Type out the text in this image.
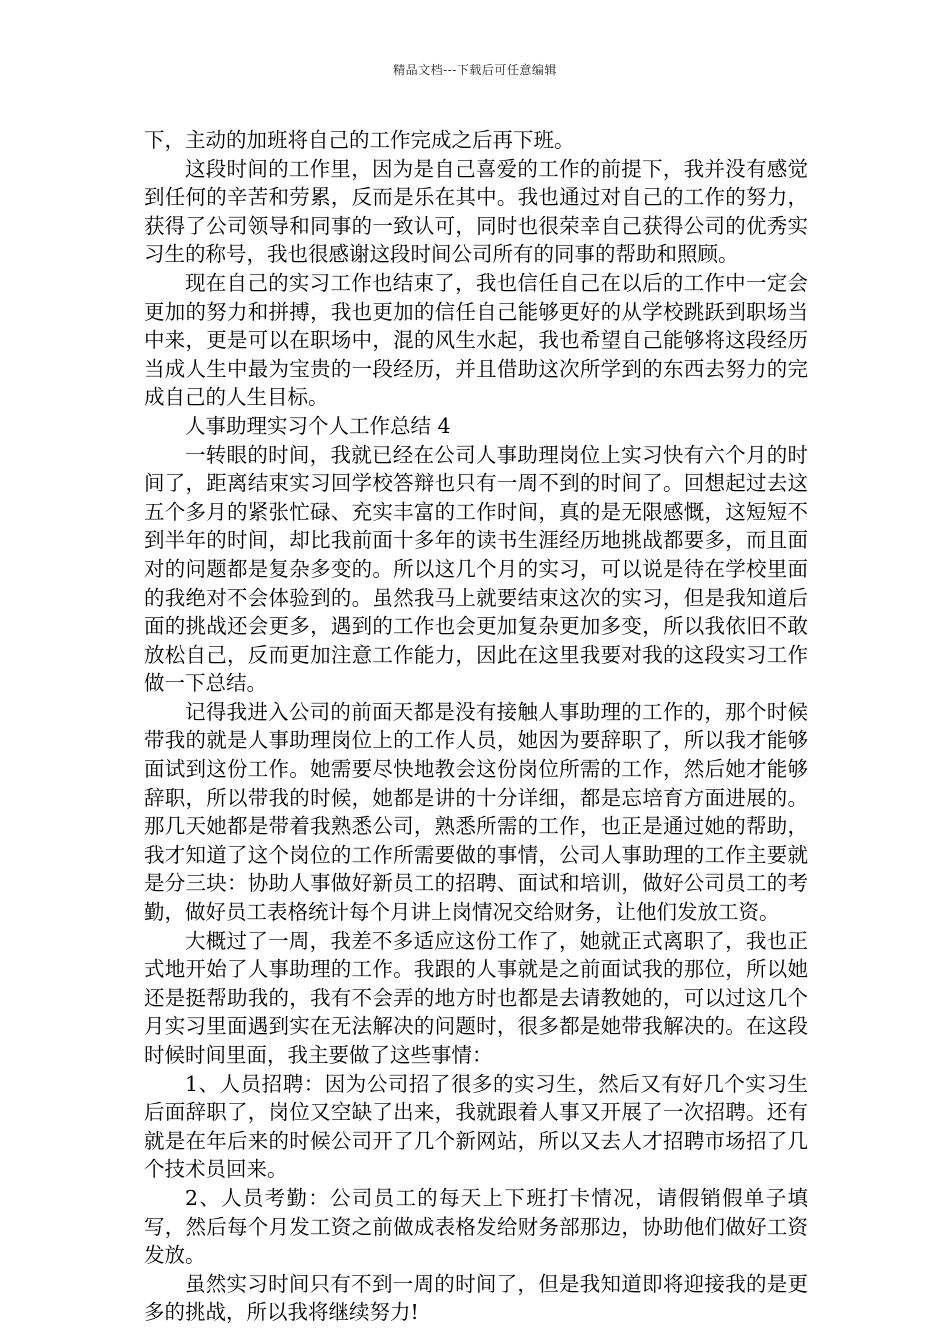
精品文档---下载后可任意编辑

下，主动的加班将自己的工作完成之后再下班。

这段时间的工作里，因为是自己喜爱的工作的前提下，我并没有感觉到任何的辛苦和劳累，反而是乐在其中。我也通过对自己的工作的努力，获得了公司领导和同事的一致认可，同时也很荣幸自己获得公司的优秀实习生的称号，我也很感谢这段时间公司所有的同事的帮助和照顾。

现在自己的实习工作也结束了，我也信任自己在以后的工作中一定会更加的努力和拼搏，我也更加的信任自己能够更好的从学校跳跃到职场当中来，更是可以在职场中，混的风生水起，我也希望自己能够将这段经历当成人生中最为宝贵的一段经历，并且借助这次所学到的东西去努力的完成自己的人生目标。

人事助理实习个人工作总结 4

一转眼的时间，我就已经在公司人事助理岗位上实习快有六个月的时间了，距离结束实习回学校答辩也只有一周不到的时间了。回想起过去这五个多月的紧张忙碌、充实丰富的工作时间，真的是无限感慨，这短短不到半年的时间，却比我前面十多年的读书生涯经历地挑战都要多，而且面对的问题都是复杂多变的。所以这几个月的实习，可以说是待在学校里面的我绝对不会体验到的。虽然我马上就要结束这次的实习，但是我知道后面的挑战还会更多，遇到的工作也会更加复杂更加多变，所以我依旧不敢放松自己，反而更加注意工作能力，因此在这里我要对我的这段实习工作做一下总结。

记得我进入公司的前面天都是没有接触人事助理的工作的，那个时候带我的就是人事助理岗位上的工作人员，她因为要辞职了，所以我才能够面试到这份工作。她需要尽快地教会这份岗位所需的工作，然后她才能够辞职，所以带我的时候，她都是讲的十分详细，都是忘培育方面进展的。那几天她都是带着我熟悉公司，熟悉所需的工作，也正是通过她的帮助，我才知道了这个岗位的工作所需要做的事情，公司人事助理的工作主要就是分三块：协助人事做好新员工的招聘、面试和培训，做好公司员工的考勤，做好员工表格统计每个月讲上岗情况交给财务，让他们发放工资。

大概过了一周，我差不多适应这份工作了，她就正式离职了，我也正式地开始了人事助理的工作。我跟的人事就是之前面试我的那位，所以她还是挺帮助我的，我有不会弄的地方时也都是去请教她的，可以过这几个月实习里面遇到实在无法解决的问题时，很多都是她带我解决的。在这段时候时间里面，我主要做了这些事情：

1、人员招聘：因为公司招了很多的实习生，然后又有好几个实习生后面辞职了，岗位又空缺了出来，我就跟着人事又开展了一次招聘。还有就是在年后来的时候公司开了几个新网站，所以又去人才招聘市场招了几个技术员回来。

2、人员考勤：公司员工的每天上下班打卡情况，请假销假单子填写，然后每个月发工资之前做成表格发给财务部那边，协助他们做好工资发放。

虽然实习时间只有不到一周的时间了，但是我知道即将迎接我的是更多的挑战，所以我将继续努力!
